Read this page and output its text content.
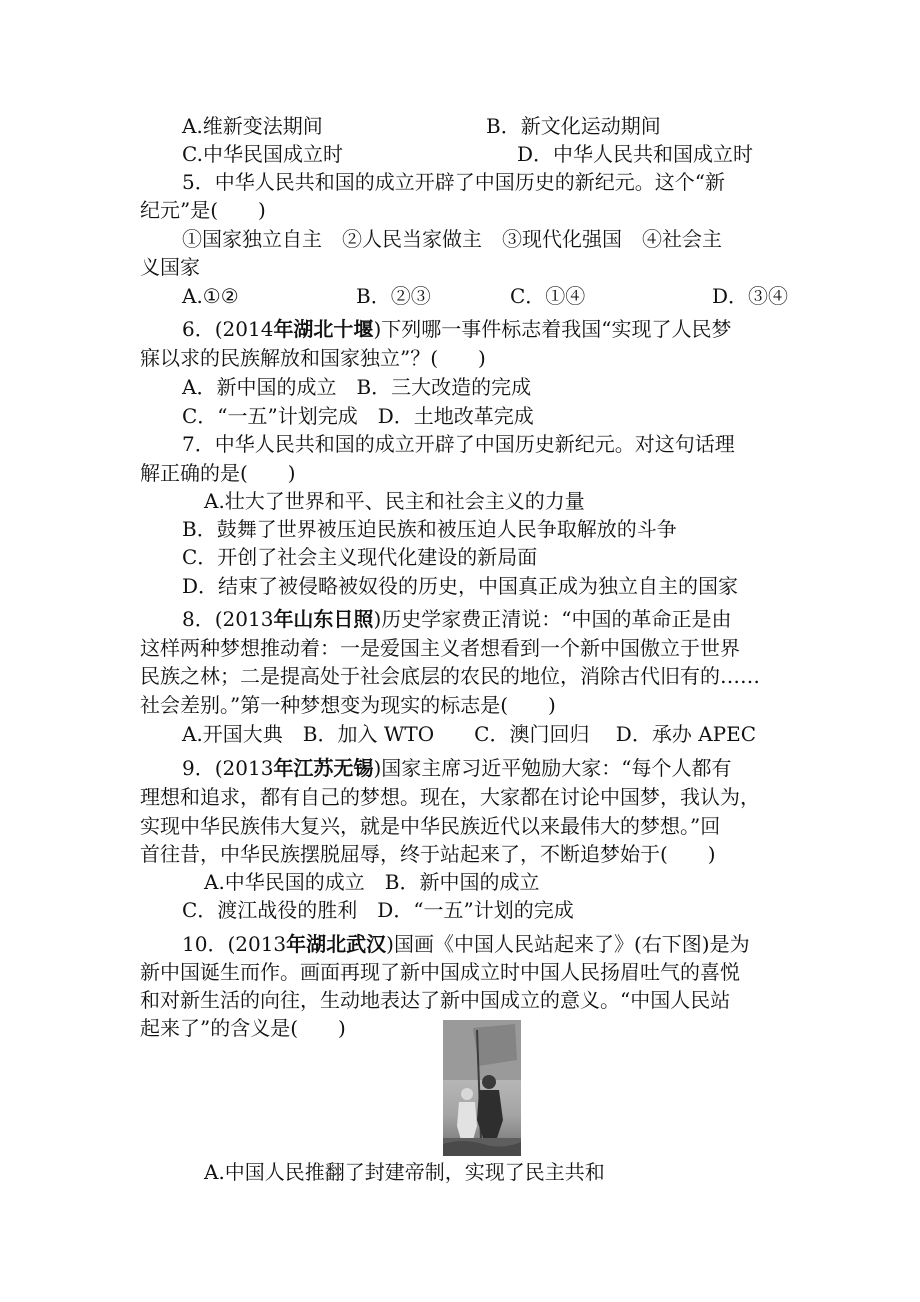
A.维新变法期间	B．新文化运动期间
C.中华民国成立时	D．中华人民共和国成立时
5．中华人民共和国的成立开辟了中国历史的新纪元。这个“新
纪元”是(　　)
①国家独立自主　②人民当家做主　③现代化强国　④社会主
义国家
A.①②	B．②③	C．①④	D．③④
6．(2014年湖北十堰)下列哪一事件标志着我国“实现了人民梦
寐以求的民族解放和国家独立”？(　　)
A．新中国的成立　B．三大改造的完成
C．“一五”计划完成　D．土地改革完成
7．中华人民共和国的成立开辟了中国历史新纪元。对这句话理
解正确的是(　　)
A.壮大了世界和平、民主和社会主义的力量
B．鼓舞了世界被压迫民族和被压迫人民争取解放的斗争
C．开创了社会主义现代化建设的新局面
D．结束了被侵略被奴役的历史，中国真正成为独立自主的国家
8．(2013年山东日照)历史学家费正清说：“中国的革命正是由
这样两种梦想推动着：一是爱国主义者想看到一个新中国傲立于世界
民族之林；二是提高处于社会底层的农民的地位，消除古代旧有的……
社会差别。”第一种梦想变为现实的标志是(　　)
A.开国大典　B．加入 WTO　　C．澳门回归　 D．承办 APEC
9．(2013年江苏无锡)国家主席习近平勉励大家：“每个人都有
理想和追求，都有自己的梦想。现在，大家都在讨论中国梦，我认为，
实现中华民族伟大复兴，就是中华民族近代以来最伟大的梦想。”回
首往昔，中华民族摆脱屈辱，终于站起来了，不断追梦始于(　　)
A.中华民国的成立　B．新中国的成立
C．渡江战役的胜利　D．“一五”计划的完成
10．(2013年湖北武汉)国画《中国人民站起来了》(右下图)是为
新中国诞生而作。画面再现了新中国成立时中国人民扬眉吐气的喜悦
和对新生活的向往，生动地表达了新中国成立的意义。“中国人民站
起来了”的含义是(　　)
A.中国人民推翻了封建帝制，实现了民主共和
